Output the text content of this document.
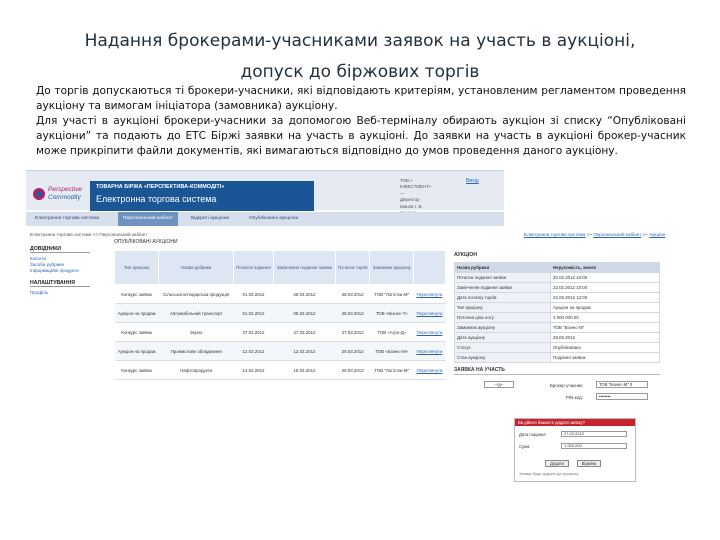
Надання брокерами-учасниками заявок на участь в аукціоні,
допуск до біржових торгів

До торгів допускаються ті брокери-учасники, які відповідають критеріям, установленим регламентом проведення аукціону та вимогам ініціатора (замовника) аукціону.

Для участі в аукціоні брокери-учасники за допомогою Веб-терміналу обирають аукціон зі списку “Опубліковані аукціони” та подають до ЕТС Біржі заявки на участь в аукціоні. До заявки на участь в аукціоні брокер-учасник може прикріпити файли документів, які вимагаються відповідно до умов проведення даного аукціону.

Perspective
Commodity
ТОВАРНА БІРЖА «ПЕРСПЕКТИВА-КОММОДІТІ»
Електронна торгова система
ТОВ «
ІНВЕСТМЕНТ»
—
Директор
Іванов І. В.
Вихід
Електронна торгова система	Персональний кабінет	Відкриті аукціони	Опубліковані аукціони
Електронна торгова система >> Персональний кабінет	Електронна торгова система >> Персональний кабінет >> Аукціон
ДОВІДНИКИ
Клієнти
Засоби рубрики
Інформаційні продукти
НАЛАШТУВАННЯ
Профіль
ОПУБЛІКОВАНІ АУКЦІОНИ
Тип аукціону	Назва рубрики	Початок подання	Закінчення подання заявок	Початок торгів	Замовник аукціону	
Конкурс заявок	Сільськогосподарська продукція	01.03.2012	28.03.2012	28.03.2012	ТОВ "Логістик-М"	Переглянути
Аукціон на продаж	Автомобільний транспорт	01.03.2012	09.03.2012	28.03.2012	ТОВ «Бізнес-Т»	Переглянути
Конкурс заявок	Зерно	27.03.2012	27.03.2012	27.03.2012	ТОВ «Агро-Д»	Переглянути
Аукціон на продаж	Промислове обладнання	12.03.2012	12.03.2012	29.03.2012	ТОВ «Бізнес-М»	Переглянути
Конкурс заявок	Нафтопродукти	14.03.2012	15.03.2012	29.03.2012	ТОВ "Логістик-М"	Переглянути
АУКЦІОН
Назва рубрики	Нерухомість, земля
Початок подання заявок	20.02.2012 10:00
Закінчення подання заявок	22.02.2012 10:00
Дата початку торгів	22.02.2012 12:00
Тип аукціону	Аукціон на продаж
Поточна ціна лоту	1 000 000.00
Замовник аукціону	ТОВ "Бізнес-М"
Дата аукціону	29.02.2012
Статус	Опубліковано
Стан аукціону	Подання заявок
ЗАЯВКА НА УЧАСТЬ
--Ід--	Брокер-учасник:	ТОВ "Бізнес-М" 0
PIN-код:	••••••••
Ви дійсно бажаєте додати заявку?
Дата подання	27.02.2012
Сума	1 000 000
Додати	Відміна
Заявку буде додано до аукціону
